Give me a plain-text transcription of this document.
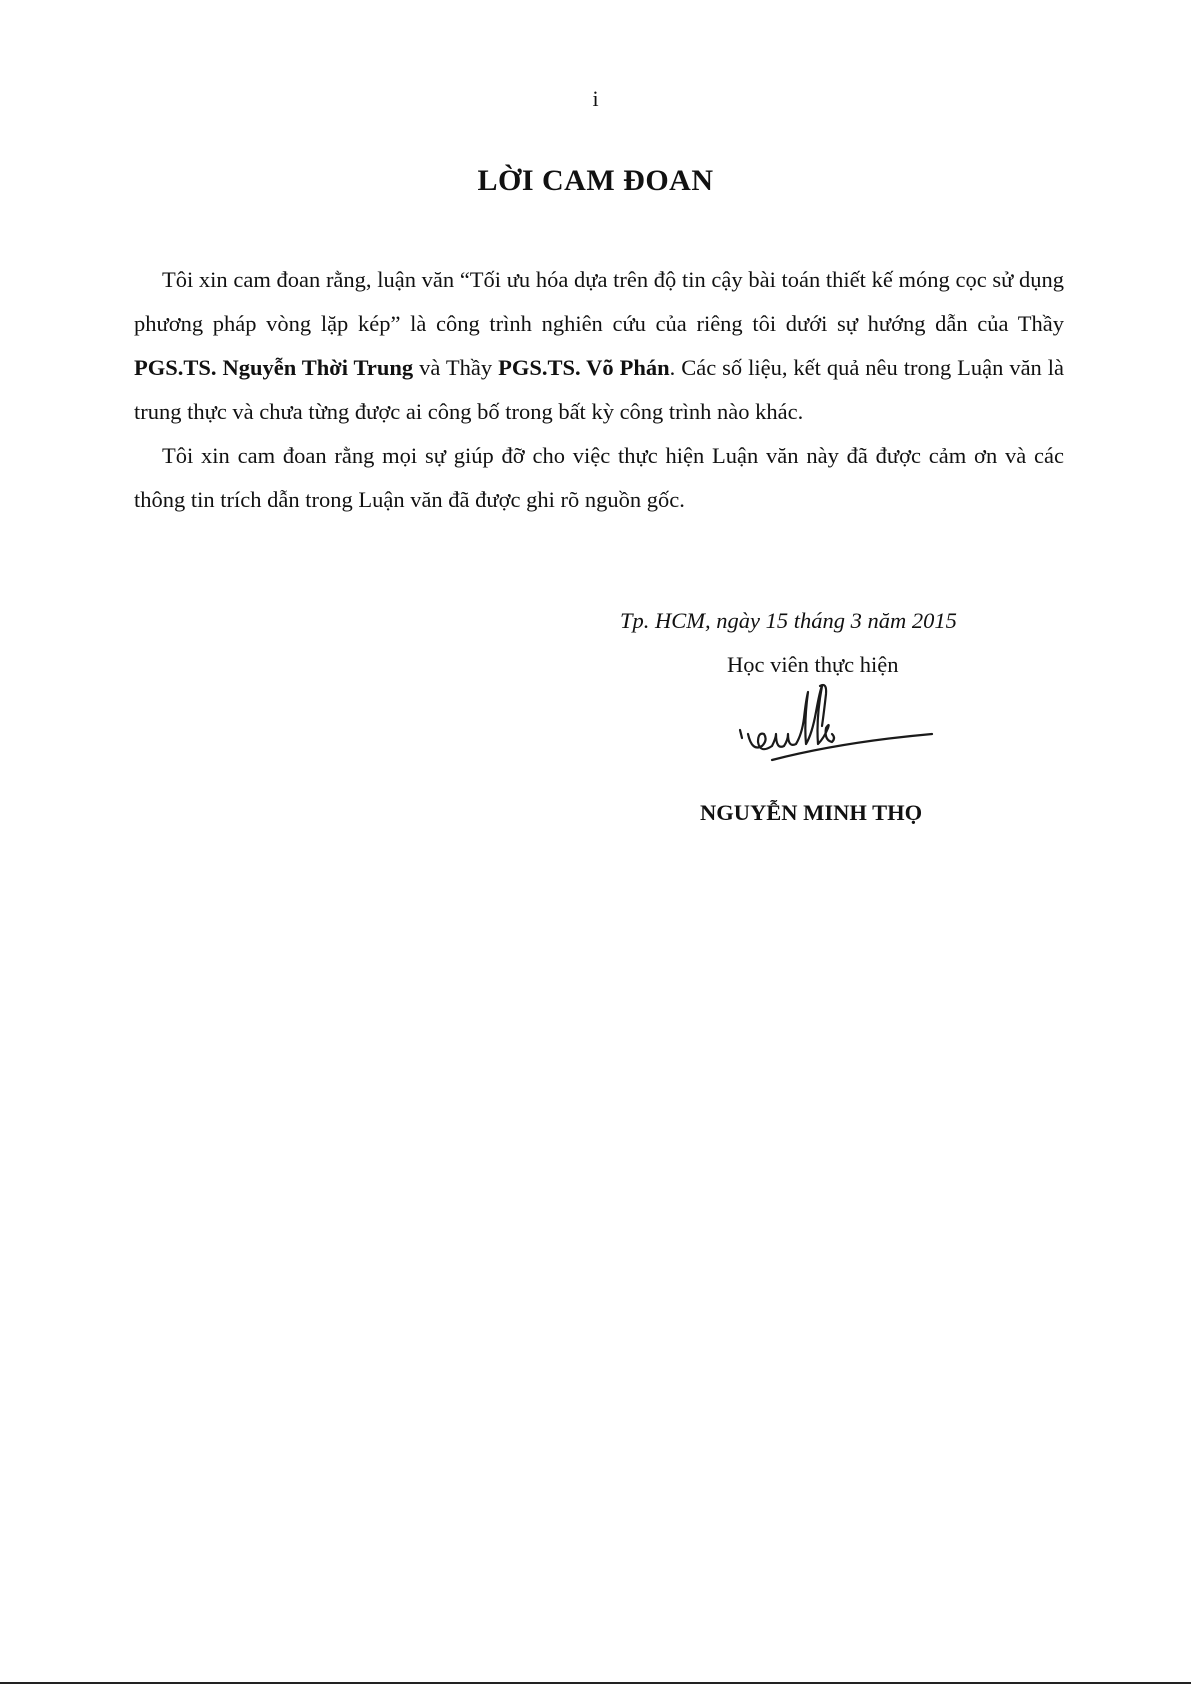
i
LỜI CAM ĐOAN

Tôi xin cam đoan rằng, luận văn “Tối ưu hóa dựa trên độ tin cậy bài toán thiết kế móng cọc sử dụng phương pháp vòng lặp kép” là công trình nghiên cứu của riêng tôi dưới sự hướng dẫn của Thầy PGS.TS. Nguyễn Thời Trung và Thầy PGS.TS. Võ Phán. Các số liệu, kết quả nêu trong Luận văn là trung thực và chưa từng được ai công bố trong bất kỳ công trình nào khác.

Tôi xin cam đoan rằng mọi sự giúp đỡ cho việc thực hiện Luận văn này đã được cảm ơn và các thông tin trích dẫn trong Luận văn đã được ghi rõ nguồn gốc.

Tp. HCM, ngày 15 tháng 3 năm 2015
Học viên thực hiện
NGUYỄN MINH THỌ
